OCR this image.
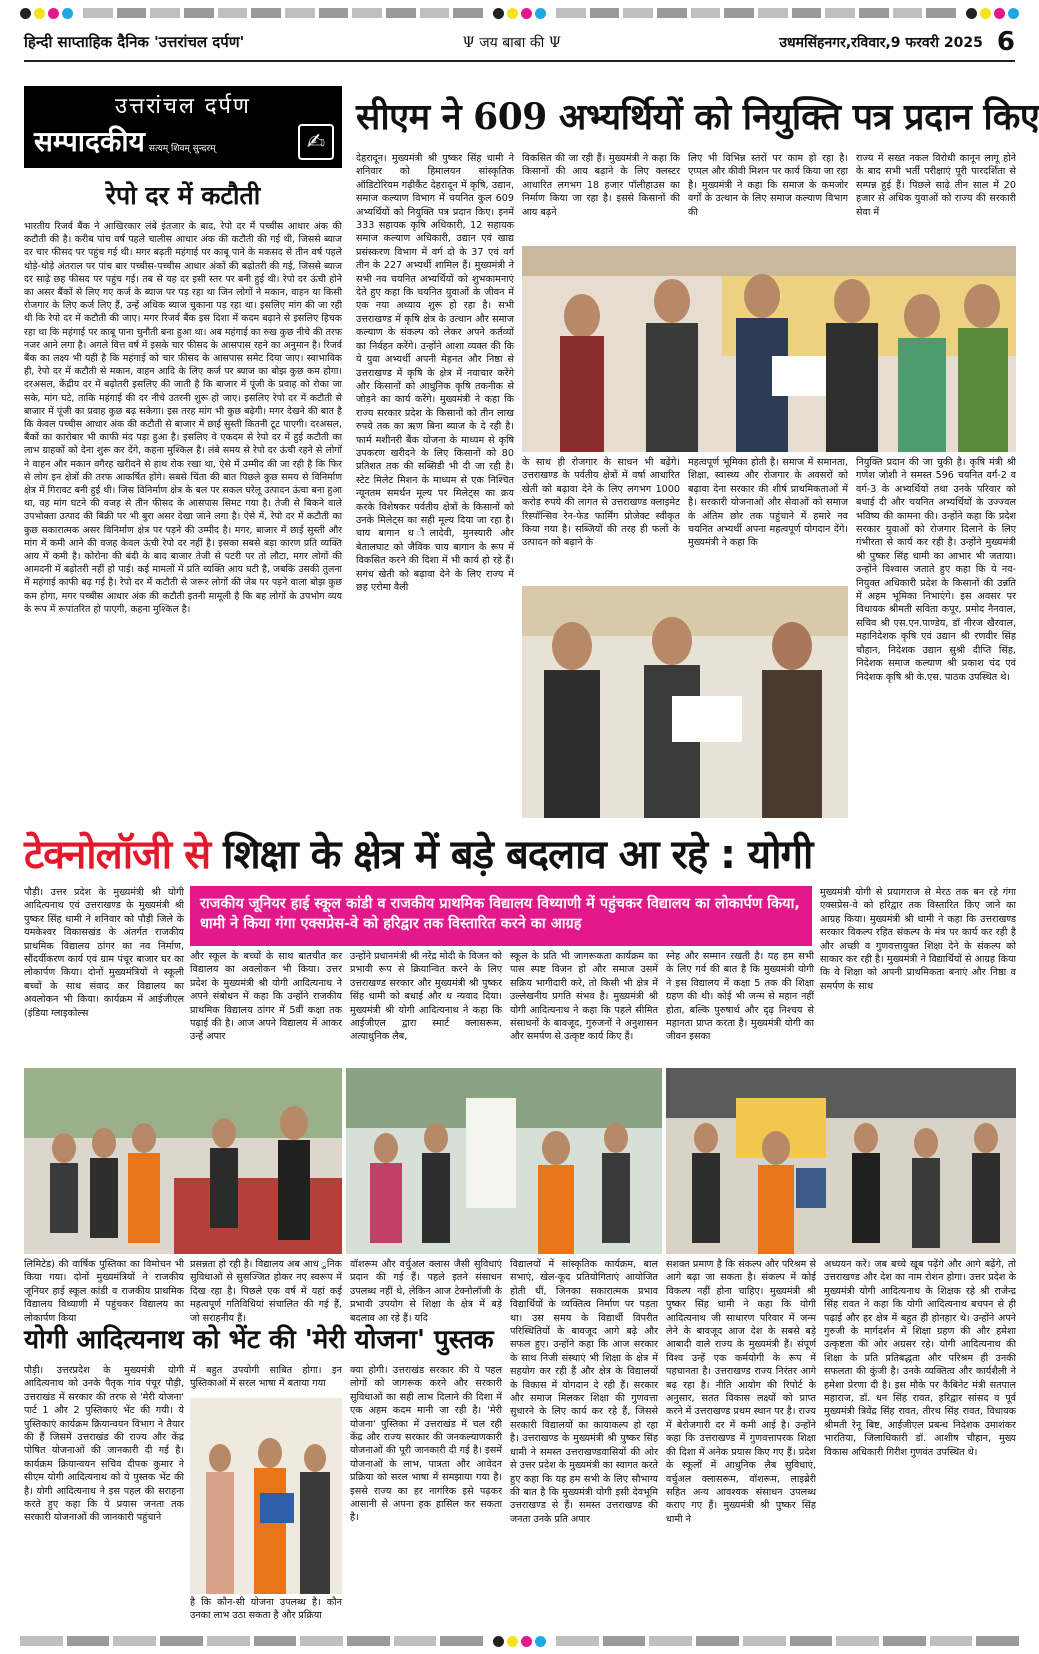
हिन्दी साप्ताहिक दैनिक 'उत्तरांचल दर्पण'	Ψ जय बाबा की Ψ	उधमसिंहनगर,रविवार,9 फरवरी 2025 6
उत्तरांचल दर्पण
सम्पादकीय सत्यम् शिवम् सुन्दरम्	✍
रेपो दर में कटौती
भारतीय रिजर्व बैंक ने आखिरकार लंबे इंतजार के बाद, रेपो दर में पच्चीस आधार अंक की कटौती की है। करीब पांच वर्ष पहले चालीस आधार अंक की कटौती की गई थी, जिससे ब्याज दर चार फीसद पर पहुंच गई थी। मगर बढ़ती महंगाई पर काबू पाने के मकसद से तीन वर्ष पहले थोड़े-थोड़े अंतराल पर पांच बार पच्चीस-पच्चीस आधार अंकों की बढ़ोतरी की गई, जिससे ब्याज दर साढ़े छह फीसद पर पहुंच गई। तब से यह दर इसी स्तर पर बनी हुई थी। रेपो दर ऊंची होने का असर बैंकों से लिए गए कर्ज के ब्याज पर पड़ रहा था जिन लोगों ने मकान, वाहन या किसी रोजगार के लिए कर्ज लिए हैं, उन्हें अधिक ब्याज चुकाना पड़ रहा था। इसलिए मांग की जा रही थी कि रेपो दर में कटौती की जाए। मगर रिजर्व बैंक इस दिशा में कदम बढ़ाने से इसलिए हिचक रहा था कि महंगाई पर काबू पाना चुनौती बना हुआ था। अब महंगाई का रुख कुछ नीचे की तरफ नजर आने लगा है। अगले वित्त वर्ष में इसके चार फीसद के आसपास रहने का अनुमान है। रिजर्व बैंक का लक्ष्य भी यही है कि महंगाई को चार फीसद के आसपास समेट दिया जाए। स्वाभाविक ही, रेपो दर में कटौती से मकान, वाहन आदि के लिए कर्ज पर ब्याज का बोझ कुछ कम होगा। दरअसल, केंद्रीय दर में बढ़ोतरी इसलिए की जाती है कि बाजार में पूंजी के प्रवाह को रोका जा सके, मांग घटे, ताकि महंगाई की दर नीचे उतरनी शुरू हो जाए। इसलिए रेपो दर में कटौती से बाजार में पूंजी का प्रवाह कुछ बढ़ सकेगा। इस तरह मांग भी कुछ बढ़ेगी। मगर देखने की बात है कि केवल पच्चीस आधार अंक की कटौती से बाजार में छाई सुस्ती कितनी टूट पाएगी। दरअसल, बैंकों का कारोबार भी काफी मंद पड़ा हुआ है। इसलिए वे एकदम से रेपो दर में हुई कटौती का लाभ ग्राहकों को देना शुरू कर देंगे, कहना मुश्किल है। लंबे समय से रेपो दर ऊंची रहने से लोगों ने वाहन और मकान वगैरह खरीदने से हाथ रोक रखा था, ऐसे में उम्मीद की जा रही है कि फिर से लोग इन क्षेत्रों की तरफ आकर्षित होंगे। सबसे चिंता की बात पिछले कुछ समय से विनिर्माण क्षेत्र में गिरावट बनी हुई थी। जिस विनिर्माण क्षेत्र के बल पर सकल घरेलू उत्पादन ऊंचा बना हुआ था, वह मांग घटने की वजह से तीन फीसद के आसपास सिमट गया है। तेजी से बिकने वाले उपभोक्ता उत्पाद की बिक्री पर भी बुरा असर देखा जाने लगा है। ऐसे में, रेपो दर में कटौती का कुछ सकारात्मक असर विनिर्माण क्षेत्र पर पड़ने की उम्मीद है। मगर, बाजार में छाई सुस्ती और मांग में कमी आने की वजह केवल ऊंची रेपो दर नहीं है। इसका सबसे बड़ा कारण प्रति व्यक्ति आय में कमी है। कोरोना की बंदी के बाद बाजार तेजी से पटरी पर तो लौटा, मगर लोगों की आमदनी में बढ़ोतरी नहीं हो पाई। कई मामलों में प्रति व्यक्ति आय घटी है, जबकि उसकी तुलना में महंगाई काफी बढ़ गई है। रेपो दर में कटौती से जरूर लोगों की जेब पर पड़ने वाला बोझ कुछ कम होगा, मगर पच्चीस आधार अंक की कटौती इतनी मामूली है कि बह लोगों के उपभोग व्यय के रूप में रूपांतरित हो पाएगी, कहना मुश्किल है।
सीएम ने 609 अभ्यर्थियों को नियुक्ति पत्र प्रदान किए
देहरादून। मुख्यमंत्री श्री पुष्कर सिंह धामी ने शनिवार को हिमालयन सांस्कृतिक ऑडिटोरियम गढ़ीकैंट देहरादून में कृषि, उद्यान, समाज कल्याण विभाग में चयनित कुल 609 अभ्यर्थियों को नियुक्ति पत्र प्रदान किए। इनमें 333 सहायक कृषि अधिकारी, 12 सहायक समाज कल्याण अधिकारी, उद्यान एवं खाद्य प्रसंस्करण विभाग में वर्ग दो के 37 एवं वर्ग तीन के 227 अभ्यर्थी शामिल हैं। मुख्यमंत्री ने सभी नव चयनित अभ्यर्थियों को शुभकामनाएं देते हुए कहा कि चयनित युवाओं के जीवन में एक नया अध्याय शुरू हो रहा है। सभी उत्तराखण्ड में कृषि क्षेत्र के उत्थान और समाज कल्याण के संकल्प को लेकर अपने कर्तव्यों का निर्वहन करेंगे। उन्होंने आशा व्यक्त की कि ये युवा अभ्यर्थी अपनी मेहनत और निष्ठा से उत्तराखण्ड में कृषि के क्षेत्र में नवाचार करेंगे और किसानों को आधुनिक कृषि तकनीक से जोड़ने का कार्य करेंगे। मुख्यमंत्री ने कहा कि राज्य सरकार प्रदेश के किसानों को तीन लाख रुपये तक का ऋण बिना ब्याज के दे रही है। फार्म मशीनरी बैंक योजना के माध्यम से कृषि उपकरण खरीदने के लिए किसानों को 80 प्रतिशत तक की सब्सिडी भी दी जा रही है। स्टेट मिलेट मिशन के माध्यम से एक निश्चित न्यूनतम समर्थन मूल्य पर मिलेट्स का क्रय करके विशेषकर पर्वतीय क्षेत्रों के किसानों को उनके मिलेट्स का सही मूल्य दिया जा रहा है। चाय बागान ध ौलादेवी, मुनस्यारी और बेतालघाट को जैविक चाय बागान के रूप में विकसित करने की दिशा में भी कार्य हो रहे हैं। सगंध खेती को बढ़ावा देने के लिए राज्य में छह एरोमा वैली
विकसित की जा रही हैं। मुख्यमंत्री ने कहा कि किसानों की आय बढ़ाने के लिए क्लस्टर आधारित लगभग 18 हजार पॉलीहाउस का निर्माण किया जा रहा है। इससे किसानों की आय बढ़ने
लिए भी विभिन्न स्तरों पर काम हो रहा है। एप्पल और कीवी मिशन पर कार्य किया जा रहा है। मुख्यमंत्री ने कहा कि समाज के कमजोर वर्गों के उत्थान के लिए समाज कल्याण विभाग की
राज्य में सख्त नकल विरोधी कानून लागू होने के बाद सभी भर्ती परीक्षाएं पूरी पारदर्शिता से सम्पन्न हुई हैं। पिछले साढ़े तीन साल में 20 हजार से अधिक युवाओं को राज्य की सरकारी सेवा में
के साथ ही रोजगार के साधन भी बढ़ेंगे। उत्तराखण्ड के पर्वतीय क्षेत्रों में वर्षा आधारित खेती को बढ़ावा देने के लिए लगभग 1000 करोड़ रुपये की लागत से उत्तराखण्ड क्लाइमेट रिस्पॉन्सिव रेन-फेड फार्मिंग प्रोजेक्ट स्वीकृत किया गया है। सब्जियों की तरह ही फलों के उत्पादन को बढ़ाने के
महत्वपूर्ण भूमिका होती है। समाज में समानता, शिक्षा, स्वास्थ्य और रोजगार के अवसरों को बढ़ावा देना सरकार की शीर्ष प्राथमिकताओं में है। सरकारी योजनाओं और सेवाओं को समाज के अंतिम छोर तक पहुंचाने में हमारे नव चयनित अभ्यर्थी अपना महत्वपूर्ण योगदान देंगे। मुख्यमंत्री ने कहा कि
नियुक्ति प्रदान की जा चुकी है। कृषि मंत्री श्री गणेश जोशी ने समस्त 596 चयनित वर्ग-2 व वर्ग-3 के अभ्यर्थियों तथा उनके परिवार को बधाई दी और चयनित अभ्यर्थियों के उज्ज्वल भविष्य की कामना की। उन्होंने कहा कि प्रदेश सरकार युवाओं को रोजगार दिलाने के लिए गंभीरता से कार्य कर रही है। उन्होंने मुख्यमंत्री श्री पुष्कर सिंह धामी का आभार भी जताया। उन्होंने विश्वास जताते हुए कहा कि ये नव-नियुक्त अधिकारी प्रदेश के किसानों की उन्नति में अहम भूमिका निभाएंगे। इस अवसर पर विधायक श्रीमती सविता कपूर, प्रमोद नैनवाल, सचिव श्री एस.एन.पाण्डेय, डॉ नीरज खैरवाल, महानिदेशक कृषि एवं उद्यान श्री रणवीर सिंह चौहान, निदेशक उद्यान सुश्री दीप्ति सिंह, निदेशक समाज कल्याण श्री प्रकाश चंद एवं निदेशक कृषि श्री के.एस. पाठक उपस्थित थे।
टेक्नोलॉजी से शिक्षा के क्षेत्र में बड़े बदलाव आ रहे : योगी
पौड़ी। उत्तर प्रदेश के मुख्यमंत्री श्री योगी आदित्यनाथ एवं उत्तराखण्ड के मुख्यमंत्री श्री पुष्कर सिंह धामी ने शनिवार को पौड़ी जिले के यमकेश्वर विकासखंड के अंतर्गत राजकीय प्राथमिक विद्यालय ठांगर का नव निर्माण, सौंदर्यीकरण कार्य एवं ग्राम पंचूर बाजार घर का लोकार्पण किया। दोनों मुख्यमंत्रियों ने स्कूली बच्चों के साथ संवाद कर विद्यालय का अवलोकन भी किया। कार्यक्रम में आईजीएल (इंडिया ग्लाइकोल्स
राजकीय जूनियर हाई स्कूल कांडी व राजकीय प्राथमिक विद्यालय विथ्याणी में पहुंचकर विद्यालय का लोकार्पण किया, धामी ने किया गंगा एक्सप्रेस-वे को हरिद्वार तक विस्तारित करने का आग्रह
मुख्यमंत्री योगी से प्रयागराज से मेरठ तक बन रहे गंगा एक्सप्रेस-वे को हरिद्वार तक विस्तारित किए जाने का आग्रह किया। मुख्यमंत्री श्री धामी ने कहा कि उत्तराखण्ड सरकार विकल्प रहित संकल्प के मंत्र पर कार्य कर रही है और अच्छी व गुणवत्तायुक्त शिक्षा देने के संकल्प को साकार कर रही है। मुख्यमंत्री ने विद्यार्थियों से आग्रह किया कि वे शिक्षा को अपनी प्राथमिकता बनाएं और निष्ठा व समर्पण के साथ
और स्कूल के बच्चों के साथ बातचीत कर विद्यालय का अवलोकन भी किया। उत्तर प्रदेश के मुख्यमंत्री श्री योगी आदित्यनाथ ने अपने संबोधन में कहा कि उन्होंने राजकीय प्राथमिक विद्यालय ठांगर में 5वीं कक्षा तक पढ़ाई की है। आज अपने विद्यालय में आकर उन्हें अपार
उन्होंने प्रधानमंत्री श्री नरेंद्र मोदी के विजन को प्रभावी रूप से क्रियान्वित करने के लिए उत्तराखण्ड सरकार और मुख्यमंत्री श्री पुष्कर सिंह धामी को बधाई और ध न्यवाद दिया। मुख्यमंत्री श्री योगी आदित्यनाथ ने कहा कि आईजीएल द्वारा स्मार्ट क्लासरूम, अत्याधुनिक लैब,
स्कूल के प्रति भी जागरूकता कार्यक्रम का पास स्पष्ट विजन हो और समाज उसमें सक्रिय भागीदारी करे, तो किसी भी क्षेत्र में उल्लेखनीय प्रगति संभव है। मुख्यमंत्री श्री योगी आदित्यनाथ ने कहा कि पहले सीमित संसाधनों के बावजूद, गुरुजनों ने अनुशासन और समर्पण से उत्कृष्ट कार्य किए हैं।
स्नेह और सम्मान रखती है। यह हम सभी के लिए गर्व की बात है कि मुख्यमंत्री योगी ने इस विद्यालय में कक्षा 5 तक की शिक्षा ग्रहण की थी। कोई भी जन्म से महान नहीं होता, बल्कि पुरुषार्थ और दृढ़ निश्चय से महानता प्राप्त करता है। मुख्यमंत्री योगी का जीवन इसका
लिमिटेड) की वार्षिक पुस्तिका का विमोचन भी किया गया। दोनों मुख्यमंत्रियों ने राजकीय जूनियर हाई स्कूल कांडी व राजकीय प्राथमिक विद्यालय विथ्याणी में पहुंचकर विद्यालय का लोकार्पण किया
प्रसन्नता हो रही है। विद्यालय अब आध ुनिक सुविधाओं से सुसज्जित होकर नए स्वरूप में दिख रहा है। पिछले एक वर्ष में यहां कई महत्वपूर्ण गतिविधियां संचालित की गई हैं, जो सराहनीय हैं।
वॉशरूम और वर्चुअल क्लास जैसी सुविधाएं प्रदान की गई हैं। पहले इतने संसाधन उपलब्ध नहीं थे, लेकिन आज टेक्नोलॉजी के प्रभावी उपयोग से शिक्षा के क्षेत्र में बड़े बदलाव आ रहे हैं। यदि
विद्यालयों में सांस्कृतिक कार्यक्रम, बाल सभाएं, खेल-कूद प्रतियोगिताएं आयोजित होती थीं, जिनका सकारात्मक प्रभाव विद्यार्थियों के व्यक्तित्व निर्माण पर पड़ता था। उस समय के विद्यार्थी विपरीत परिस्थितियों के बावजूद आगे बढ़े और सफल हुए। उन्होंने कहा कि आज सरकार के साथ निजी संस्थाएं भी शिक्षा के क्षेत्र में सहयोग कर रही हैं और क्षेत्र के विद्यालयों के विकास में योगदान दे रही हैं। सरकार और समाज मिलकर शिक्षा की गुणवत्ता सुधारने के लिए कार्य कर रहे हैं, जिससे सरकारी विद्यालयों का कायाकल्प हो रहा है। उत्तराखण्ड के मुख्यमंत्री श्री पुष्कर सिंह धामी ने समस्त उत्तराखण्डवासियों की ओर से उत्तर प्रदेश के मुख्यमंत्री का स्वागत करते हुए कहा कि यह हम सभी के लिए सौभाग्य की बात है कि मुख्यमंत्री योगी इसी देवभूमि उत्तराखण्ड से हैं। समस्त उत्तराखण्ड की जनता उनके प्रति अपार
सशक्त प्रमाण है कि संकल्प और परिश्रम से आगे बढ़ा जा सकता है। संकल्प में कोई विकल्प नहीं होना चाहिए। मुख्यमंत्री श्री पुष्कर सिंह धामी ने कहा कि योगी आदित्यनाथ जी साधारण परिवार में जन्म लेने के बावजूद आज देश के सबसे बड़े आबादी वाले राज्य के मुख्यमंत्री हैं। संपूर्ण विश्व उन्हें एक कर्मयोगी के रूप में पहचानता है। उत्तराखण्ड राज्य निरंतर आगे बढ़ रहा है। नीति आयोग की रिपोर्ट के अनुसार, सतत विकास लक्ष्यों को प्राप्त करने में उत्तराखण्ड प्रथम स्थान पर है। राज्य में बेरोजगारी दर में कमी आई है। उन्होंने कहा कि उत्तराखण्ड में गुणवत्तापरक शिक्षा की दिशा में अनेक प्रयास किए गए हैं। प्रदेश के स्कूलों में आधुनिक लैब सुविधाएं, वर्चुअल क्लासरूम, वॉशरूम, लाइब्रेरी सहित अन्य आवश्यक संसाधन उपलब्ध कराए गए हैं। मुख्यमंत्री श्री पुष्कर सिंह धामी ने
अध्ययन करें। जब बच्चे खूब पढ़ेंगे और आगे बढ़ेंगे, तो उत्तराखण्ड और देश का नाम रोशन होगा। उत्तर प्रदेश के मुख्यमंत्री योगी आदित्यनाथ के शिक्षक रहे श्री राजेन्द्र सिंह रावत ने कहा कि योगी आदित्यनाथ बचपन से ही पढ़ाई और हर क्षेत्र में बहुत ही होनहार थे। उन्होंने अपने गुरुजी के मार्गदर्शन में शिक्षा ग्रहण की और हमेशा उत्कृष्टता की ओर अग्रसर रहे। योगी आदित्यनाथ की शिक्षा के प्रति प्रतिबद्धता और परिश्रम ही उनकी सफलता की कुंजी है। उनके व्यक्तित्व और कार्यशैली ने हमेशा प्रेरणा दी है। इस मौके पर कैबिनेट मंत्री सतपाल महाराज, डॉ. धन सिंह रावत, हरिद्वार सांसद व पूर्व मुख्यमंत्री त्रिवेंद्र सिंह रावत, तीरथ सिंह रावत, विधायक श्रीमती रेनू बिष्ट, आईजीएल प्रबन्ध निदेशक उमाशंकर भारतिया, जिलाधिकारी डॉ. आशीष चौहान, मुख्य विकास अधिकारी गिरीश गुणवंत उपस्थित थे।
योगी आदित्यनाथ को भेंट की 'मेरी योजना' पुस्तक
पौड़ी। उत्तरप्रदेश के मुख्यमंत्री योगी आदित्यनाथ को उनके पैतृक गांव पंचूर पौड़ी, उत्तराखंड में सरकार की तरफ से 'मेरी योजना' पार्ट 1 और 2 पुस्तिकाएं भेंट की गयी। ये पुस्तिकाएं कार्यक्रम क्रियान्वयन विभाग ने तैयार की हैं जिसमें उत्तराखंड की राज्य और केंद्र पोषित योजनाओं की जानकारी दी गई है। कार्यक्रम क्रियान्वयन सचिव दीपक कुमार ने सीएम योगी आदित्यनाथ को ये पुस्तक भेंट की है। योगी आदित्यनाथ ने इस पहल की सराहना करते हुए कहा कि ये प्रयास जनता तक सरकारी योजनाओं की जानकारी पहुंचाने
में बहुत उपयोगी साबित होगा। इन पुस्तिकाओं में सरल भाषा में बताया गया
है कि कौन-सी योजना उपलब्ध है। कौन उनका लाभ उठा सकता है और प्रक्रिया
क्या होगी। उत्तराखंड सरकार की ये पहल लोगों को जागरूक करने और सरकारी सुविधाओं का सही लाभ दिलाने की दिशा में एक अहम कदम मानी जा रही है। 'मेरी योजना' पुस्तिका में उत्तराखंड में चल रही केंद्र और राज्य सरकार की जनकल्याणकारी योजनाओं की पूरी जानकारी दी गई है। इसमें योजनाओं के लाभ, पात्रता और आवेदन प्रक्रिया को सरल भाषा में समझाया गया है। इससे राज्य का हर नागरिक इसे पढ़कर आसानी से अपना हक हासिल कर सकता है।
